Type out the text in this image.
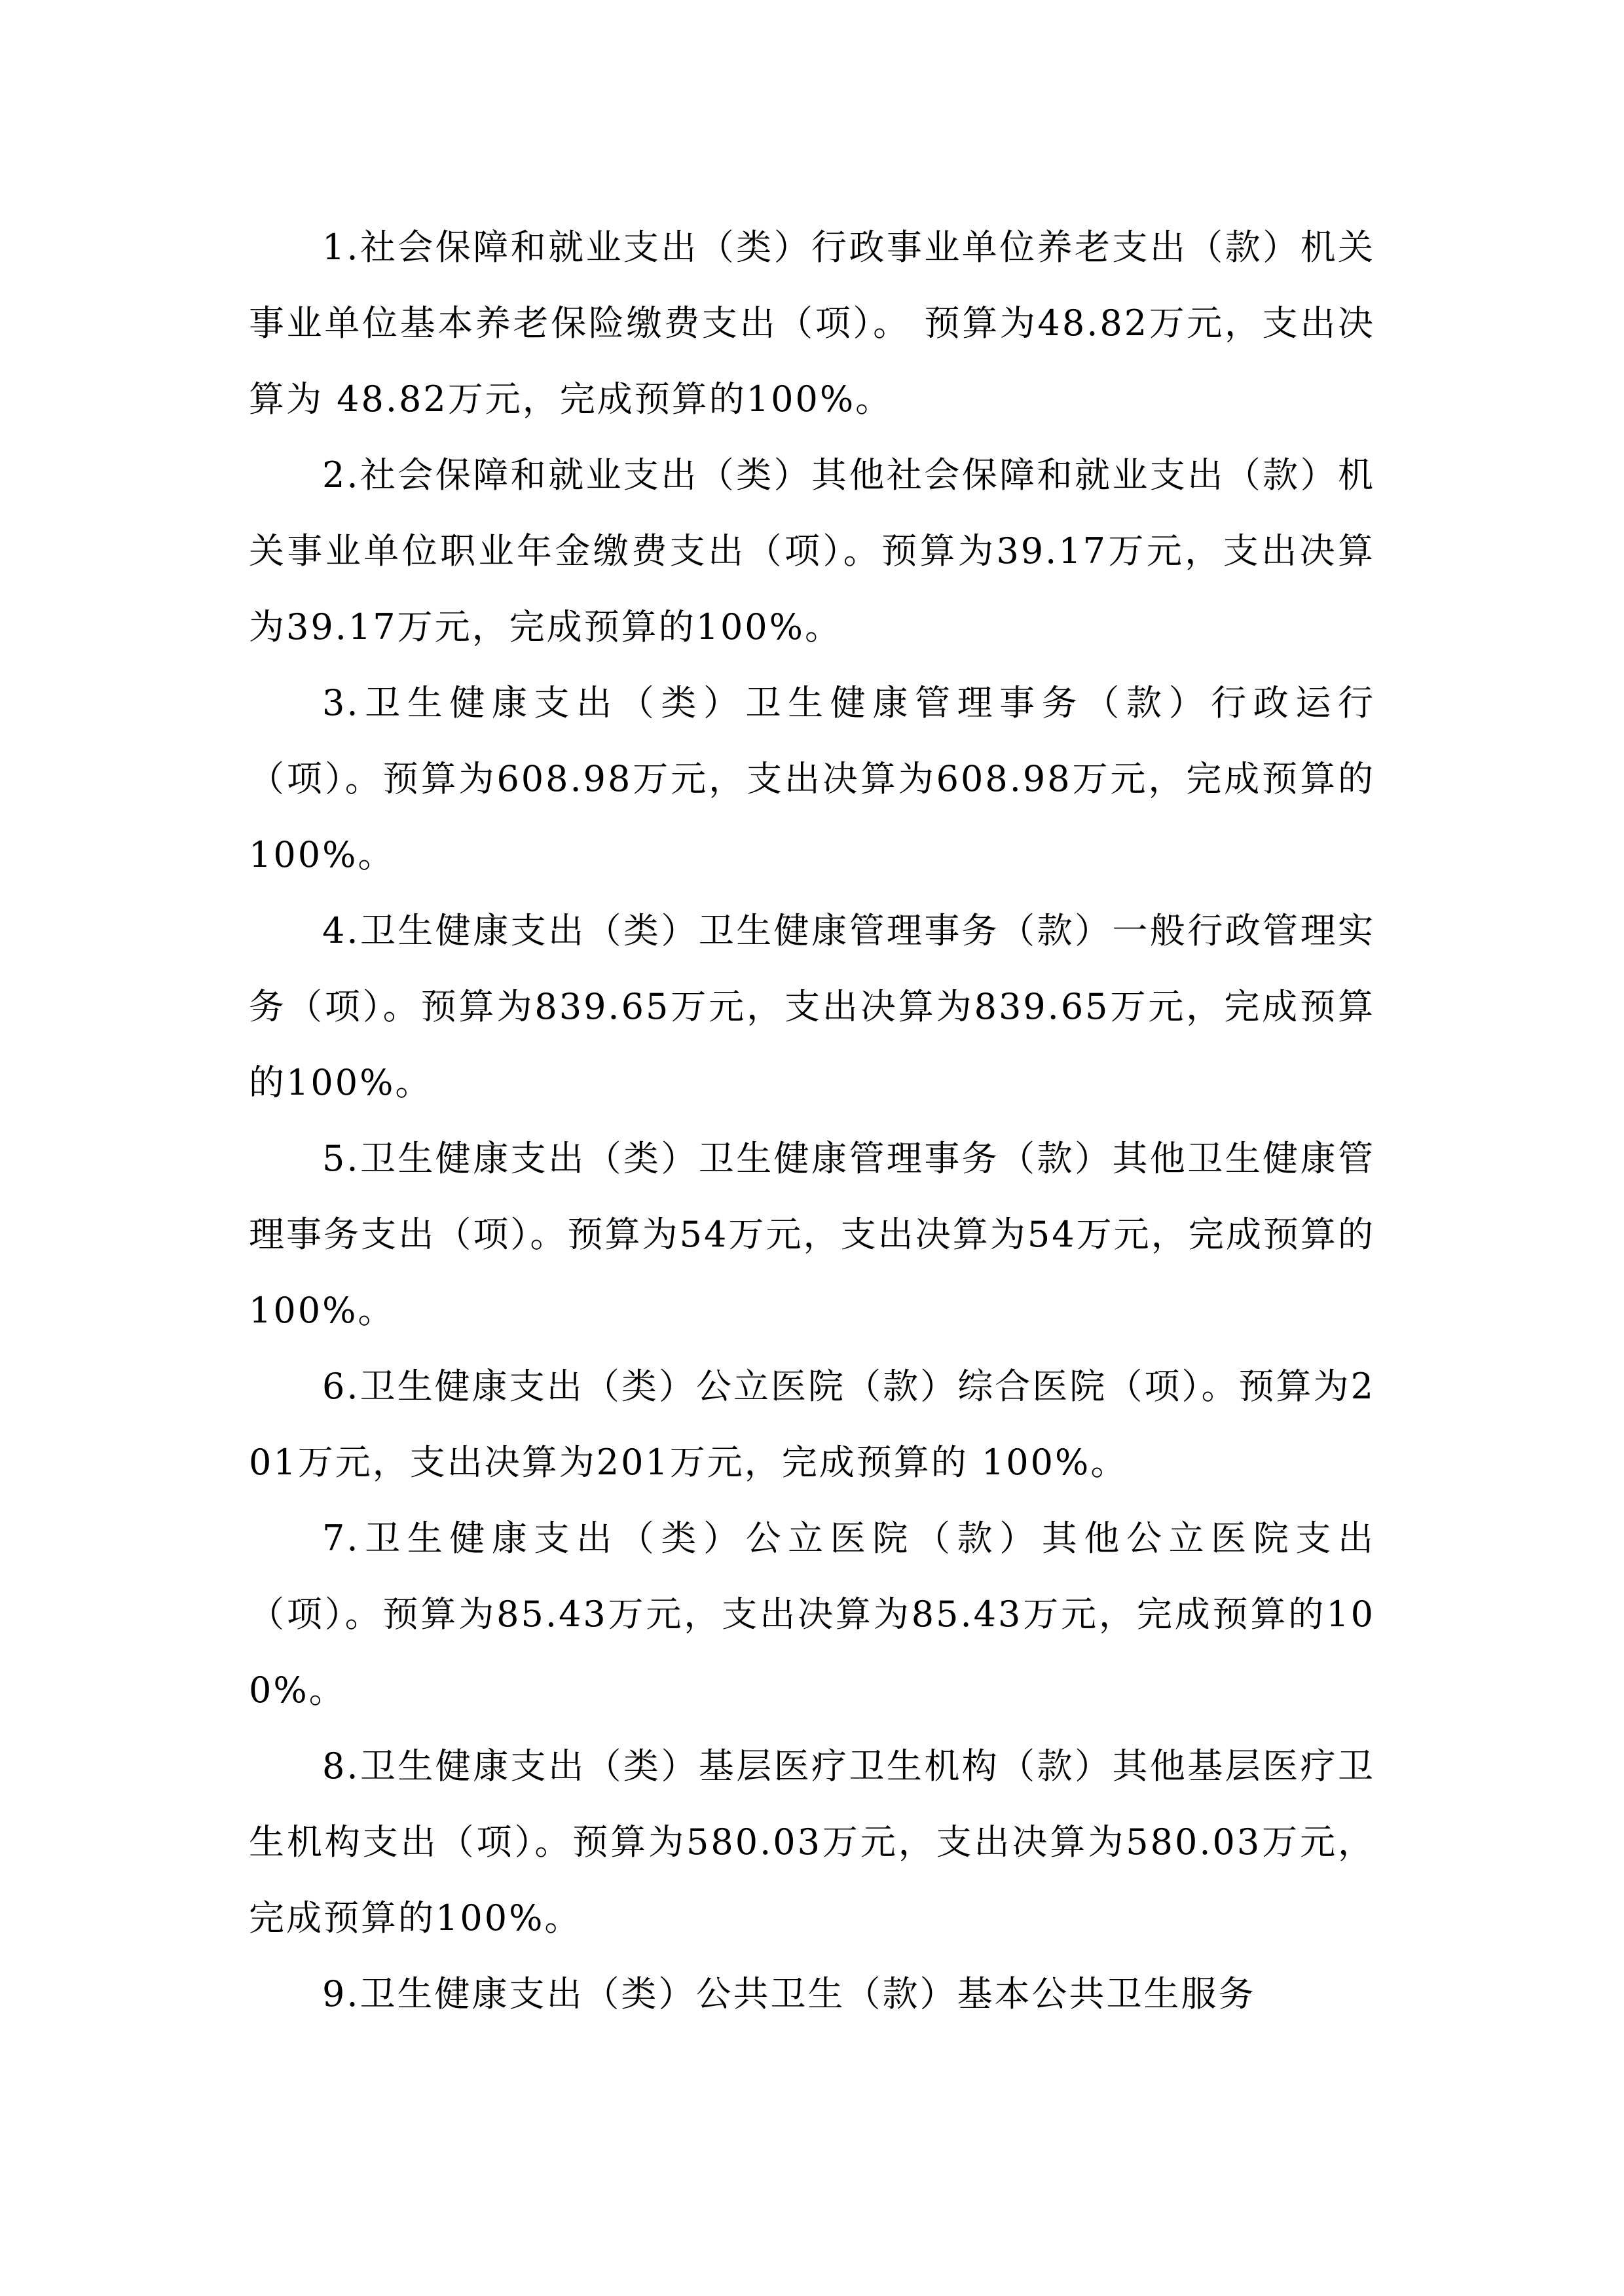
1.社会保障和就业支出（类）行政事业单位养老支出（款）机关事业单位基本养老保险缴费支出（项）。 预算为48.82万元，支出决算为 48.82万元，完成预算的100%。

2.社会保障和就业支出（类）其他社会保障和就业支出（款）机关事业单位职业年金缴费支出（项）。预算为39.17万元，支出决算为39.17万元，完成预算的100%。

3.卫生健康支出（类）卫生健康管理事务（款）行政运行（项）。预算为608.98万元，支出决算为608.98万元，完成预算的100%。

4.卫生健康支出（类）卫生健康管理事务（款）一般行政管理实务（项）。预算为839.65万元，支出决算为839.65万元，完成预算的100%。

5.卫生健康支出（类）卫生健康管理事务（款）其他卫生健康管理事务支出（项）。预算为54万元，支出决算为54万元，完成预算的100%。

6.卫生健康支出（类）公立医院（款）综合医院（项）。预算为201万元，支出决算为201万元，完成预算的 100%。

7.卫生健康支出（类）公立医院（款）其他公立医院支出（项）。预算为85.43万元，支出决算为85.43万元，完成预算的100%。

8.卫生健康支出（类）基层医疗卫生机构（款）其他基层医疗卫生机构支出（项）。预算为580.03万元，支出决算为580.03万元，完成预算的100%。

9.卫生健康支出（类）公共卫生（款）基本公共卫生服务
